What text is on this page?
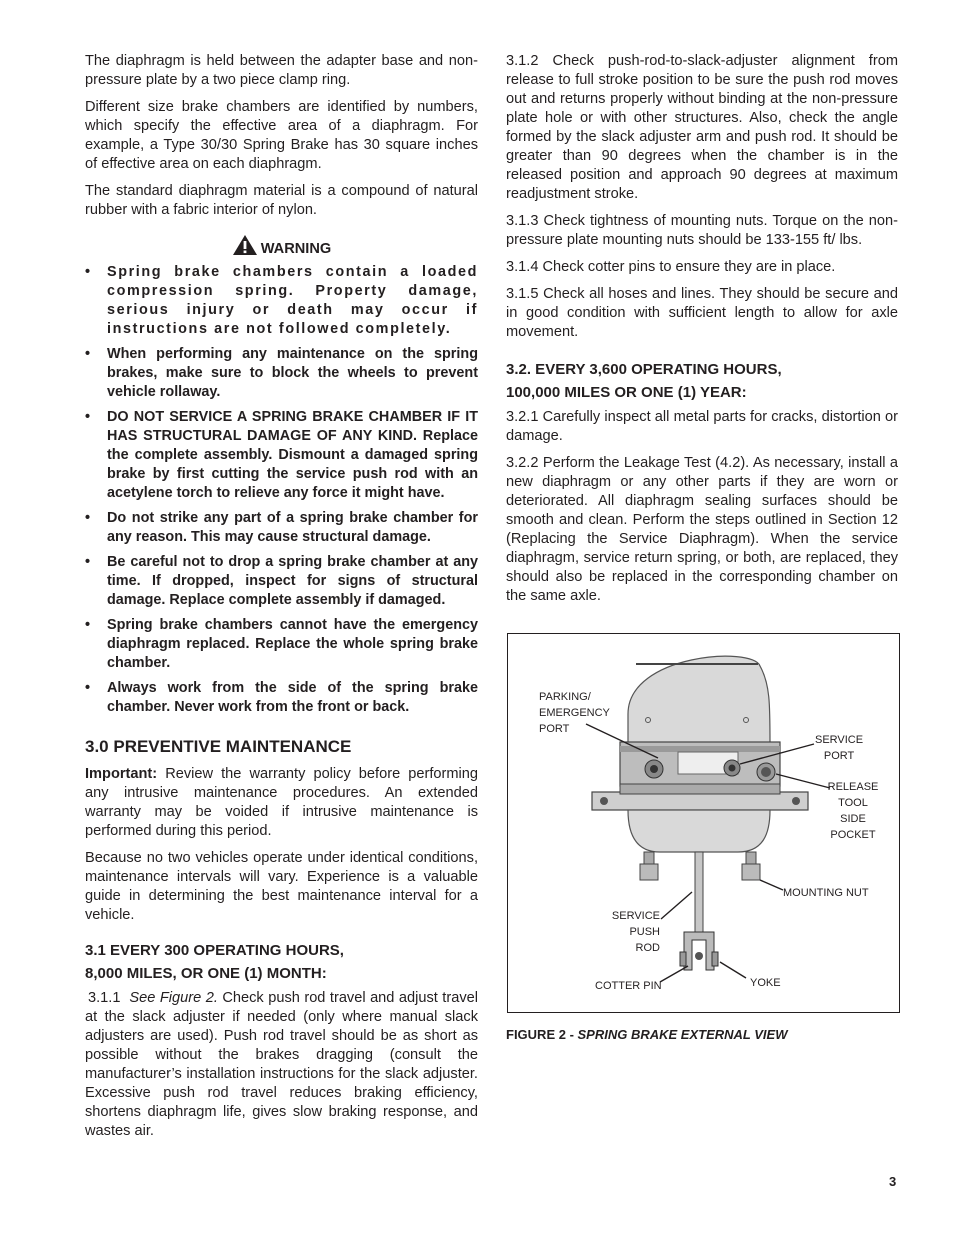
The diaphragm is held between the adapter base and non-pressure plate by a two piece clamp ring.

Different size brake chambers are identified by numbers, which specify the effective area of a diaphragm. For example, a Type 30/30 Spring Brake has 30 square inches of effective area on each diaphragm.

The standard diaphragm material is a compound of natural rubber with a fabric interior of nylon.

WARNING
• Spring brake chambers contain a loaded compression spring. Property damage, serious injury or death may occur if instructions are not followed completely.
• When performing any maintenance on the spring brakes, make sure to block the wheels to prevent vehicle rollaway.
• DO NOT SERVICE A SPRING BRAKE CHAMBER IF IT HAS STRUCTURAL DAMAGE OF ANY KIND. Replace the complete assembly. Dismount a damaged spring brake by first cutting the service push rod with an acetylene torch to relieve any force it might have.
• Do not strike any part of a spring brake chamber for any reason. This may cause structural damage.
• Be careful not to drop a spring brake chamber at any time. If dropped, inspect for signs of structural damage. Replace complete assembly if damaged.
• Spring brake chambers cannot have the emergency diaphragm replaced. Replace the whole spring brake chamber.
• Always work from the side of the spring brake chamber. Never work from the front or back.
3.0 PREVENTIVE MAINTENANCE

Important: Review the warranty policy before performing any intrusive maintenance procedures. An extended warranty may be voided if intrusive maintenance is performed during this period.

Because no two vehicles operate under identical conditions, maintenance intervals will vary. Experience is a valuable guide in determining the best maintenance interval for a vehicle.

3.1 EVERY 300 OPERATING HOURS,
8,000 MILES, OR ONE (1) MONTH:

3.1.1 See Figure 2. Check push rod travel and adjust travel at the slack adjuster if needed (only where manual slack adjusters are used). Push rod travel should be as short as possible without the brakes dragging (consult the manufacturer’s installation instructions for the slack adjuster. Excessive push rod travel reduces braking efficiency, shortens diaphragm life, gives slow braking response, and wastes air.

3.1.2 Check push-rod-to-slack-adjuster alignment from release to full stroke position to be sure the push rod moves out and returns properly without binding at the non-pressure plate hole or with other structures. Also, check the angle formed by the slack adjuster arm and push rod. It should be greater than 90 degrees when the chamber is in the released position and approach 90 degrees at maximum readjustment stroke.

3.1.3 Check tightness of mounting nuts. Torque on the non-pressure plate mounting nuts should be 133-155 ft/ lbs.

3.1.4 Check cotter pins to ensure they are in place.

3.1.5 Check all hoses and lines. They should be secure and in good condition with sufficient length to allow for axle movement.

3.2. EVERY 3,600 OPERATING HOURS,
100,000 MILES OR ONE (1) YEAR:

3.2.1 Carefully inspect all metal parts for cracks, distortion or damage.

3.2.2 Perform the Leakage Test (4.2). As necessary, install a new diaphragm or any other parts if they are worn or deteriorated. All diaphragm sealing surfaces should be smooth and clean. Perform the steps outlined in Section 12 (Replacing the Service Diaphragm). When the service diaphragm, service return spring, or both, are replaced, they should also be replaced in the corresponding chamber on the same axle.

PARKING/
EMERGENCY
PORT
SERVICE
PORT
RELEASE
TOOL
SIDE
POCKET
MOUNTING NUT
SERVICE
PUSH ROD
COTTER PIN	YOKE
FIGURE 2 - SPRING BRAKE EXTERNAL VIEW
3
